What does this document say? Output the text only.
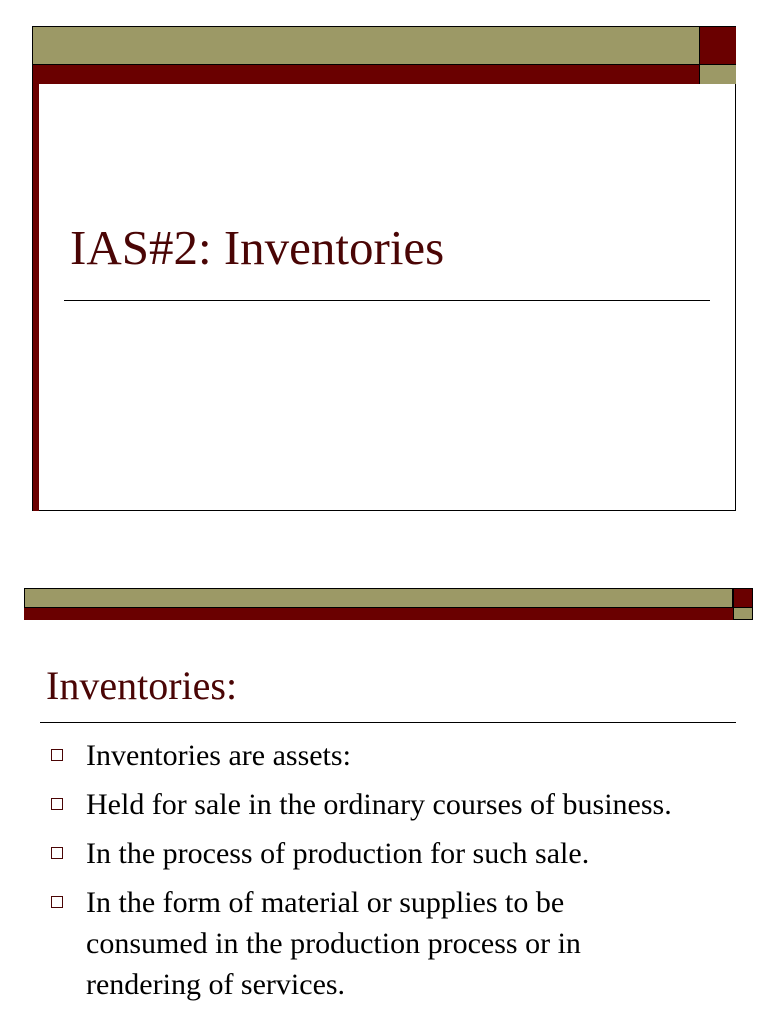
IAS#2: Inventories
Inventories:
Inventories are assets:
Held for sale in the ordinary courses of business.
In the process of production for such sale.
In the form of material or supplies to be consumed in the production process or in rendering of services.
